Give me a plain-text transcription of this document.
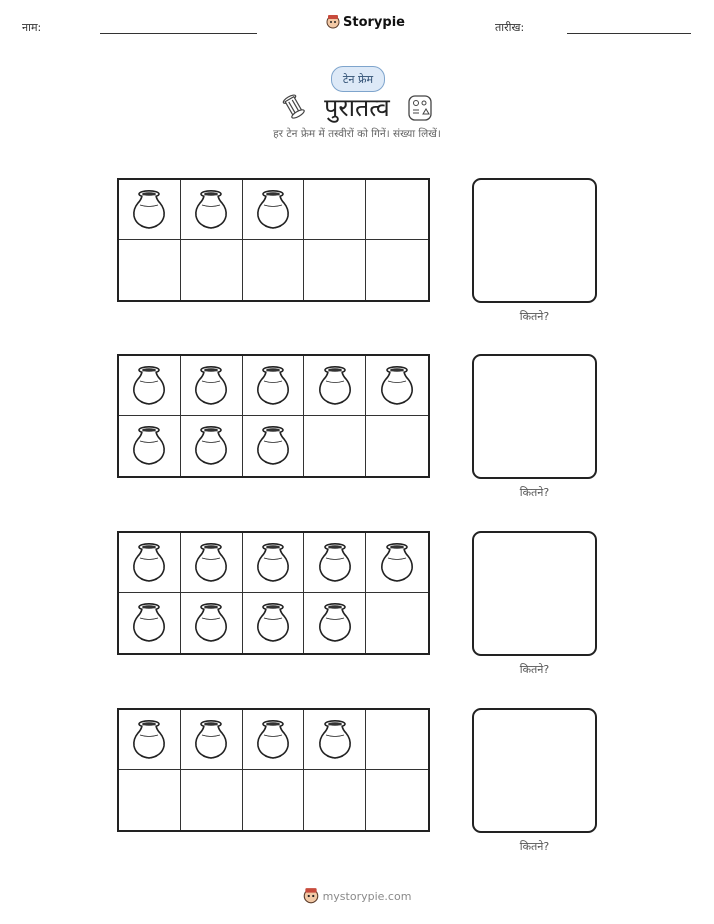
नाम:	Storypie	तारीख:
टेन फ्रेम
पुरातत्व
हर टेन फ्रेम में तस्वीरों को गिनें। संख्या लिखें।
कितने?
कितने?
कितने?
कितने?
mystorypie.com
